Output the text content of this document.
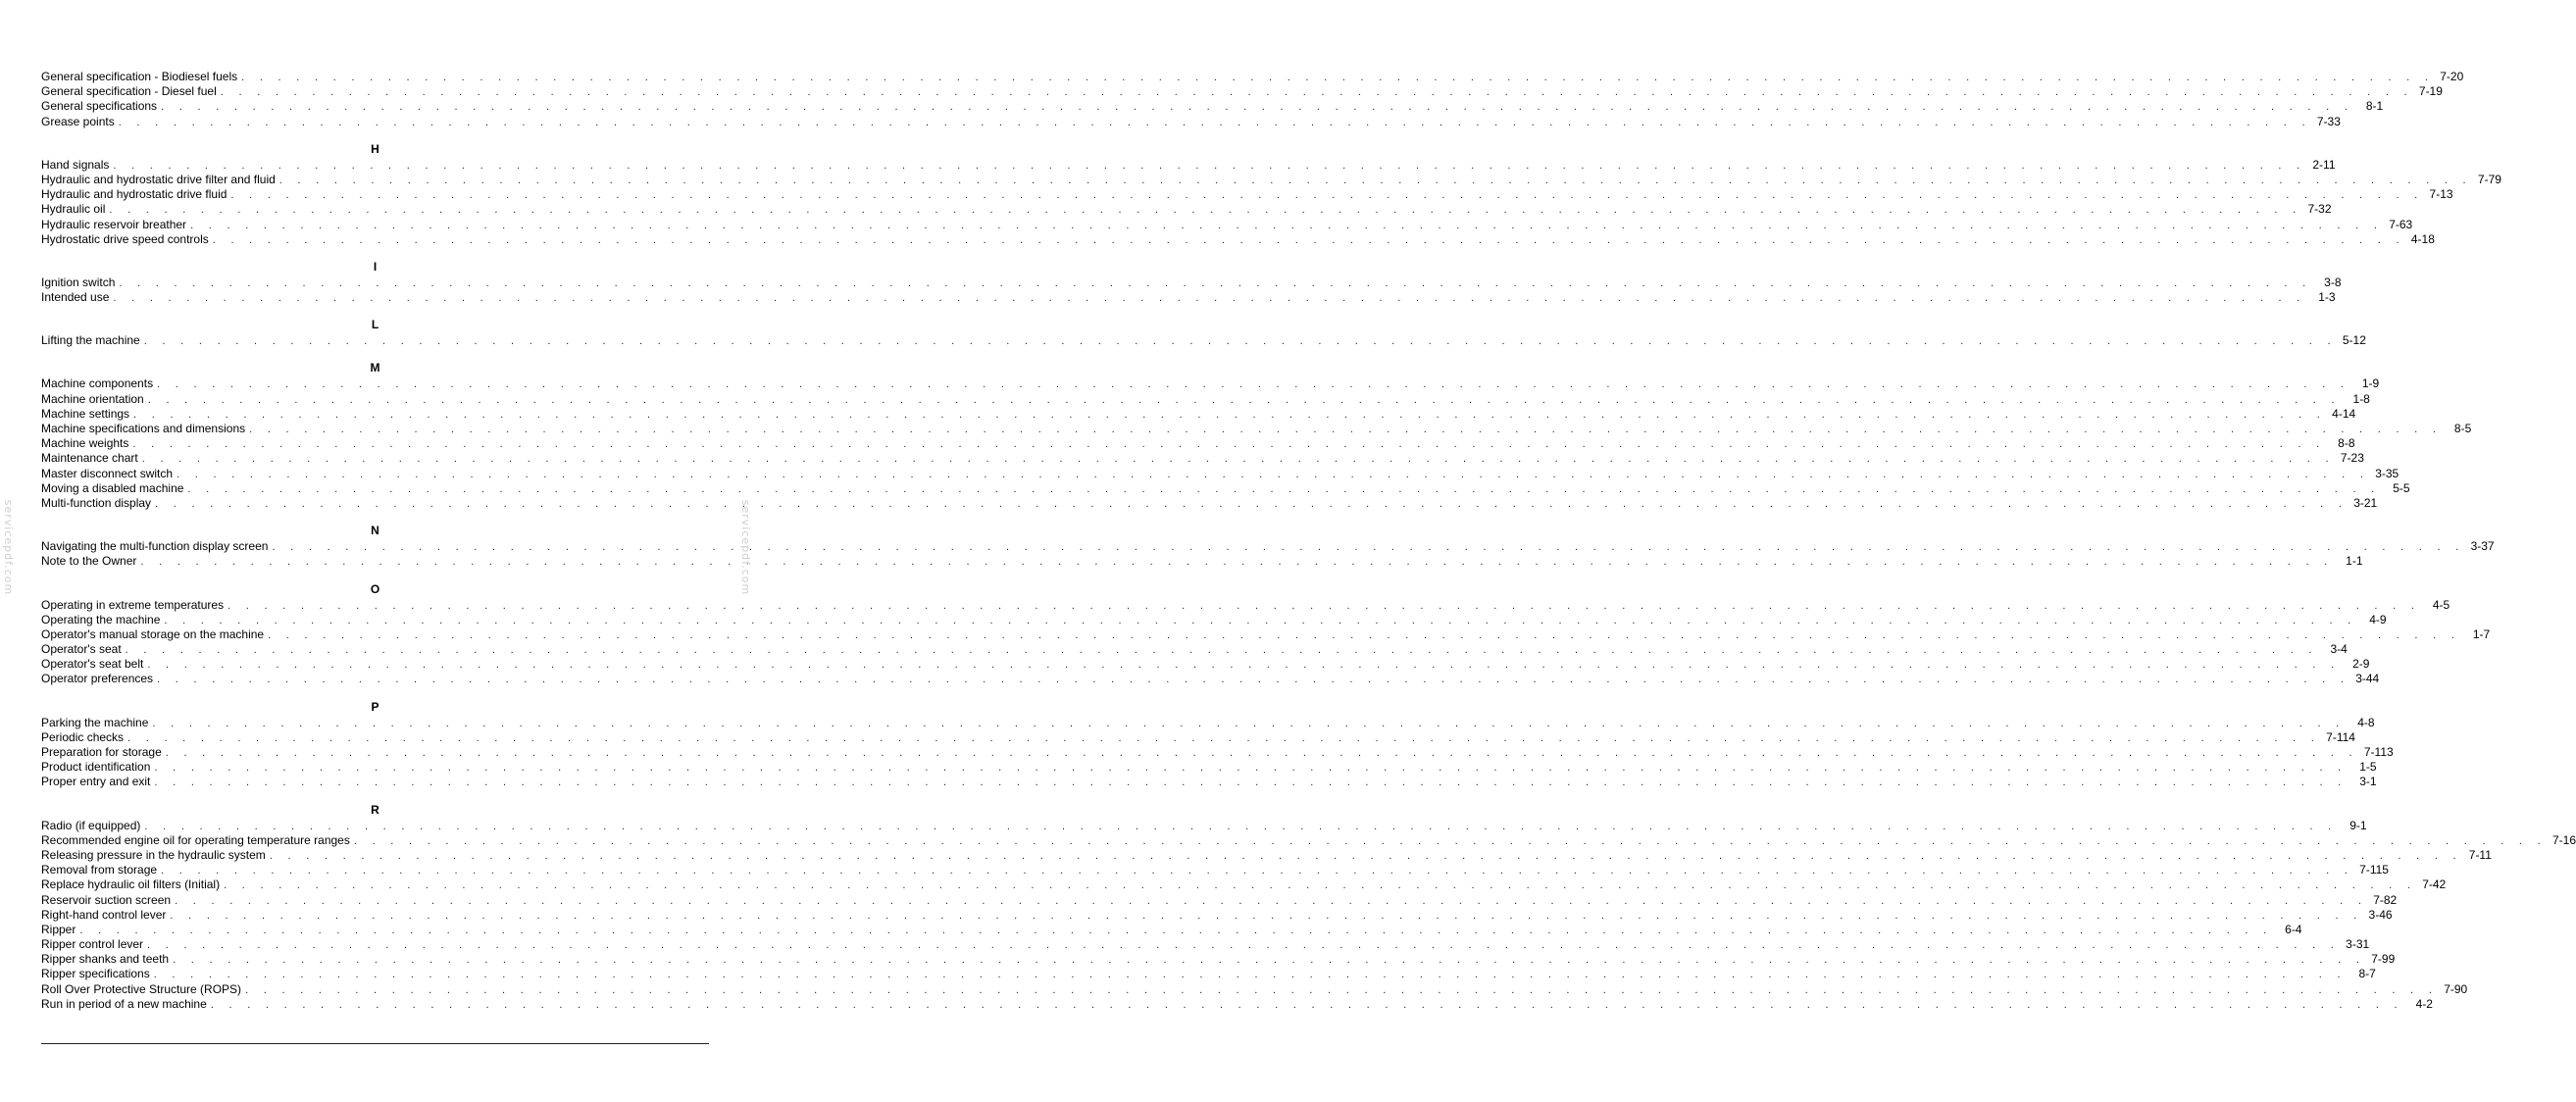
General specification - Biodiesel fuels . . . . . . . . . . . . . . . . . . . . . . . . . . . . . . . . . . . . . . . . . . . . . . . . . . . . . . . . . . . . . . . . . . . . . . . . . . . . . . . . . . . . . . . . . . . . . . . . . . . . . . . . . . . . . . . . . . . . . . . . 7-20
General specification - Diesel fuel . . . . . . . . . . . . . . . . . . . . . . . . . . . . . . . . . . . . . . . . . . . . . . . . . . . . . . . . . . . . . . . . . . . . . . . . . . . . . . . . . . . . . . . . . . . . . . . . . . . . . . . . . . . . . . . . . . . . . . . . 7-19
General specifications . . . . . . . . . . . . . . . . . . . . . . . . . . . . . . . . . . . . . . . . . . . . . . . . . . . . . . . . . . . . . . . . . . . . . . . . . . . . . . . . . . . . . . . . . . . . . . . . . . . . . . . . . . . . . . . . . . . . . . . .	8-1
Grease points . . . . . . . . . . . . . . . . . . . . . . . . . . . . . . . . . . . . . . . . . . . . . . . . . . . . . . . . . . . . . . . . . . . . . . . . . . . . . . . . . . . . . . . . . . . . . . . . . . . . . . . . . . . . . . . . . . . . . . . . 7-33
H
Hand signals . . . . . . . . . . . . . . . . . . . . . . . . . . . . . . . . . . . . . . . . . . . . . . . . . . . . . . . . . . . . . . . . . . . . . . . . . . . . . . . . . . . . . . . . . . . . . . . . . . . . . . . . . . . . . . . . . . . . . . . . 2-11
Hydraulic and hydrostatic drive filter and fluid . . . . . . . . . . . . . . . . . . . . . . . . . . . . . . . . . . . . . . . . . . . . . . . . . . . . . . . . . . . . . . . . . . . . . . . . . . . . . . . . . . . . . . . . . . . . . . . . . . . . . . . . . . . . . . . . . . . . . . . . 7-79
Hydraulic and hydrostatic drive fluid . . . . . . . . . . . . . . . . . . . . . . . . . . . . . . . . . . . . . . . . . . . . . . . . . . . . . . . . . . . . . . . . . . . . . . . . . . . . . . . . . . . . . . . . . . . . . . . . . . . . . . . . . . . . . . . . . . . . . . . . 7-13
Hydraulic oil . . . . . . . . . . . . . . . . . . . . . . . . . . . . . . . . . . . . . . . . . . . . . . . . . . . . . . . . . . . . . . . . . . . . . . . . . . . . . . . . . . . . . . . . . . . . . . . . . . . . . . . . . . . . . . . . . . . . . . . . 7-32
Hydraulic reservoir breather . . . . . . . . . . . . . . . . . . . . . . . . . . . . . . . . . . . . . . . . . . . . . . . . . . . . . . . . . . . . . . . . . . . . . . . . . . . . . . . . . . . . . . . . . . . . . . . . . . . . . . . . . . . . . . . . . . . . . . . . 7-63
Hydrostatic drive speed controls . . . . . . . . . . . . . . . . . . . . . . . . . . . . . . . . . . . . . . . . . . . . . . . . . . . . . . . . . . . . . . . . . . . . . . . . . . . . . . . . . . . . . . . . . . . . . . . . . . . . . . . . . . . . . . . . . . . . . . . . 4-18
I
Ignition switch . . . . . . . . . . . . . . . . . . . . . . . . . . . . . . . . . . . . . . . . . . . . . . . . . . . . . . . . . . . . . . . . . . . . . . . . . . . . . . . . . . . . . . . . . . . . . . . . . . . . . . . . . . . . . . . . . . . . . . . .	3-8
Intended use . . . . . . . . . . . . . . . . . . . . . . . . . . . . . . . . . . . . . . . . . . . . . . . . . . . . . . . . . . . . . . . . . . . . . . . . . . . . . . . . . . . . . . . . . . . . . . . . . . . . . . . . . . . . . . . . . . . . . . . .	1-3
L
Lifting the machine . . . . . . . . . . . . . . . . . . . . . . . . . . . . . . . . . . . . . . . . . . . . . . . . . . . . . . . . . . . . . . . . . . . . . . . . . . . . . . . . . . . . . . . . . . . . . . . . . . . . . . . . . . . . . . . . . . . . . . . . 5-12
M
Machine components . . . . . . . . . . . . . . . . . . . . . . . . . . . . . . . . . . . . . . . . . . . . . . . . . . . . . . . . . . . . . . . . . . . . . . . . . . . . . . . . . . . . . . . . . . . . . . . . . . . . . . . . . . . . . . . . . . . . . . . .	1-9
Machine orientation . . . . . . . . . . . . . . . . . . . . . . . . . . . . . . . . . . . . . . . . . . . . . . . . . . . . . . . . . . . . . . . . . . . . . . . . . . . . . . . . . . . . . . . . . . . . . . . . . . . . . . . . . . . . . . . . . . . . . . . .	1-8
Machine settings . . . . . . . . . . . . . . . . . . . . . . . . . . . . . . . . . . . . . . . . . . . . . . . . . . . . . . . . . . . . . . . . . . . . . . . . . . . . . . . . . . . . . . . . . . . . . . . . . . . . . . . . . . . . . . . . . . . . . . . . 4-14
Machine specifications and dimensions . . . . . . . . . . . . . . . . . . . . . . . . . . . . . . . . . . . . . . . . . . . . . . . . . . . . . . . . . . . . . . . . . . . . . . . . . . . . . . . . . . . . . . . . . . . . . . . . . . . . . . . . . . . . . . . . . . . . . . . .	8-5
Machine weights . . . . . . . . . . . . . . . . . . . . . . . . . . . . . . . . . . . . . . . . . . . . . . . . . . . . . . . . . . . . . . . . . . . . . . . . . . . . . . . . . . . . . . . . . . . . . . . . . . . . . . . . . . . . . . . . . . . . . . . .	8-8
Maintenance chart . . . . . . . . . . . . . . . . . . . . . . . . . . . . . . . . . . . . . . . . . . . . . . . . . . . . . . . . . . . . . . . . . . . . . . . . . . . . . . . . . . . . . . . . . . . . . . . . . . . . . . . . . . . . . . . . . . . . . . . . 7-23
Master disconnect switch . . . . . . . . . . . . . . . . . . . . . . . . . . . . . . . . . . . . . . . . . . . . . . . . . . . . . . . . . . . . . . . . . . . . . . . . . . . . . . . . . . . . . . . . . . . . . . . . . . . . . . . . . . . . . . . . . . . . . . . . 3-35
Moving a disabled machine . . . . . . . . . . . . . . . . . . . . . . . . . . . . . . . . . . . . . . . . . . . . . . . . . . . . . . . . . . . . . . . . . . . . . . . . . . . . . . . . . . . . . . . . . . . . . . . . . . . . . . . . . . . . . . . . . . . . . . . .	5-5
Multi-function display . . . . . . . . . . . . . . . . . . . . . . . . . . . . . . . . . . . . . . . . . . . . . . . . . . . . . . . . . . . . . . . . . . . . . . . . . . . . . . . . . . . . . . . . . . . . . . . . . . . . . . . . . . . . . . . . . . . . . . . . 3-21
N
Navigating the multi-function display screen . . . . . . . . . . . . . . . . . . . . . . . . . . . . . . . . . . . . . . . . . . . . . . . . . . . . . . . . . . . . . . . . . . . . . . . . . . . . . . . . . . . . . . . . . . . . . . . . . . . . . . . . . . . . . . . . . . . . . . . . 3-37
Note to the Owner . . . . . . . . . . . . . . . . . . . . . . . . . . . . . . . . . . . . . . . . . . . . . . . . . . . . . . . . . . . . . . . . . . . . . . . . . . . . . . . . . . . . . . . . . . . . . . . . . . . . . . . . . . . . . . . . . . . . . . . .	1-1
O
Operating in extreme temperatures . . . . . . . . . . . . . . . . . . . . . . . . . . . . . . . . . . . . . . . . . . . . . . . . . . . . . . . . . . . . . . . . . . . . . . . . . . . . . . . . . . . . . . . . . . . . . . . . . . . . . . . . . . . . . . . . . . . . . . . .	4-5
Operating the machine . . . . . . . . . . . . . . . . . . . . . . . . . . . . . . . . . . . . . . . . . . . . . . . . . . . . . . . . . . . . . . . . . . . . . . . . . . . . . . . . . . . . . . . . . . . . . . . . . . . . . . . . . . . . . . . . . . . . . . . .	4-9
Operator's manual storage on the machine . . . . . . . . . . . . . . . . . . . . . . . . . . . . . . . . . . . . . . . . . . . . . . . . . . . . . . . . . . . . . . . . . . . . . . . . . . . . . . . . . . . . . . . . . . . . . . . . . . . . . . . . . . . . . . . . . . . . . . . .	1-7
Operator's seat . . . . . . . . . . . . . . . . . . . . . . . . . . . . . . . . . . . . . . . . . . . . . . . . . . . . . . . . . . . . . . . . . . . . . . . . . . . . . . . . . . . . . . . . . . . . . . . . . . . . . . . . . . . . . . . . . . . . . . . .	3-4
Operator's seat belt . . . . . . . . . . . . . . . . . . . . . . . . . . . . . . . . . . . . . . . . . . . . . . . . . . . . . . . . . . . . . . . . . . . . . . . . . . . . . . . . . . . . . . . . . . . . . . . . . . . . . . . . . . . . . . . . . . . . . . . .	2-9
Operator preferences . . . . . . . . . . . . . . . . . . . . . . . . . . . . . . . . . . . . . . . . . . . . . . . . . . . . . . . . . . . . . . . . . . . . . . . . . . . . . . . . . . . . . . . . . . . . . . . . . . . . . . . . . . . . . . . . . . . . . . . . 3-44
P
Parking the machine . . . . . . . . . . . . . . . . . . . . . . . . . . . . . . . . . . . . . . . . . . . . . . . . . . . . . . . . . . . . . . . . . . . . . . . . . . . . . . . . . . . . . . . . . . . . . . . . . . . . . . . . . . . . . . . . . . . . . . . .	4-8
Periodic checks . . . . . . . . . . . . . . . . . . . . . . . . . . . . . . . . . . . . . . . . . . . . . . . . . . . . . . . . . . . . . . . . . . . . . . . . . . . . . . . . . . . . . . . . . . . . . . . . . . . . . . . . . . . . . . . . . . . . . . . . 7-114
Preparation for storage . . . . . . . . . . . . . . . . . . . . . . . . . . . . . . . . . . . . . . . . . . . . . . . . . . . . . . . . . . . . . . . . . . . . . . . . . . . . . . . . . . . . . . . . . . . . . . . . . . . . . . . . . . . . . . . . . . . . . . . . 7-113
Product identification . . . . . . . . . . . . . . . . . . . . . . . . . . . . . . . . . . . . . . . . . . . . . . . . . . . . . . . . . . . . . . . . . . . . . . . . . . . . . . . . . . . . . . . . . . . . . . . . . . . . . . . . . . . . . . . . . . . . . . . .	1-5
Proper entry and exit . . . . . . . . . . . . . . . . . . . . . . . . . . . . . . . . . . . . . . . . . . . . . . . . . . . . . . . . . . . . . . . . . . . . . . . . . . . . . . . . . . . . . . . . . . . . . . . . . . . . . . . . . . . . . . . . . . . . . . . .	3-1
R
Radio (if equipped) . . . . . . . . . . . . . . . . . . . . . . . . . . . . . . . . . . . . . . . . . . . . . . . . . . . . . . . . . . . . . . . . . . . . . . . . . . . . . . . . . . . . . . . . . . . . . . . . . . . . . . . . . . . . . . . . . . . . . . . .	9-1
Recommended engine oil for operating temperature ranges . . . . . . . . . . . . . . . . . . . . . . . . . . . . . . . . . . . . . . . . . . . . . . . . . . . . . . . . . . . . . . . . . . . . . . . . . . . . . . . . . . . . . . . . . . . . . . . . . . . . . . . . . . . . . . . . . . . . . . . . 7-16
Releasing pressure in the hydraulic system . . . . . . . . . . . . . . . . . . . . . . . . . . . . . . . . . . . . . . . . . . . . . . . . . . . . . . . . . . . . . . . . . . . . . . . . . . . . . . . . . . . . . . . . . . . . . . . . . . . . . . . . . . . . . . . . . . . . . . . . 7-11
Removal from storage . . . . . . . . . . . . . . . . . . . . . . . . . . . . . . . . . . . . . . . . . . . . . . . . . . . . . . . . . . . . . . . . . . . . . . . . . . . . . . . . . . . . . . . . . . . . . . . . . . . . . . . . . . . . . . . . . . . . . . . . 7-115
Replace hydraulic oil filters (Initial) . . . . . . . . . . . . . . . . . . . . . . . . . . . . . . . . . . . . . . . . . . . . . . . . . . . . . . . . . . . . . . . . . . . . . . . . . . . . . . . . . . . . . . . . . . . . . . . . . . . . . . . . . . . . . . . . . . . . . . . . 7-42
Reservoir suction screen . . . . . . . . . . . . . . . . . . . . . . . . . . . . . . . . . . . . . . . . . . . . . . . . . . . . . . . . . . . . . . . . . . . . . . . . . . . . . . . . . . . . . . . . . . . . . . . . . . . . . . . . . . . . . . . . . . . . . . . . 7-82
Right-hand control lever . . . . . . . . . . . . . . . . . . . . . . . . . . . . . . . . . . . . . . . . . . . . . . . . . . . . . . . . . . . . . . . . . . . . . . . . . . . . . . . . . . . . . . . . . . . . . . . . . . . . . . . . . . . . . . . . . . . . . . . . 3-46
Ripper . . . . . . . . . . . . . . . . . . . . . . . . . . . . . . . . . . . . . . . . . . . . . . . . . . . . . . . . . . . . . . . . . . . . . . . . . . . . . . . . . . . . . . . . . . . . . . . . . . . . . . . . . . . . . . . . . . . . . . . .	6-4
Ripper control lever . . . . . . . . . . . . . . . . . . . . . . . . . . . . . . . . . . . . . . . . . . . . . . . . . . . . . . . . . . . . . . . . . . . . . . . . . . . . . . . . . . . . . . . . . . . . . . . . . . . . . . . . . . . . . . . . . . . . . . . . 3-31
Ripper shanks and teeth . . . . . . . . . . . . . . . . . . . . . . . . . . . . . . . . . . . . . . . . . . . . . . . . . . . . . . . . . . . . . . . . . . . . . . . . . . . . . . . . . . . . . . . . . . . . . . . . . . . . . . . . . . . . . . . . . . . . . . . . 7-99
Ripper specifications . . . . . . . . . . . . . . . . . . . . . . . . . . . . . . . . . . . . . . . . . . . . . . . . . . . . . . . . . . . . . . . . . . . . . . . . . . . . . . . . . . . . . . . . . . . . . . . . . . . . . . . . . . . . . . . . . . . . . . . .	8-7
Roll Over Protective Structure (ROPS) . . . . . . . . . . . . . . . . . . . . . . . . . . . . . . . . . . . . . . . . . . . . . . . . . . . . . . . . . . . . . . . . . . . . . . . . . . . . . . . . . . . . . . . . . . . . . . . . . . . . . . . . . . . . . . . . . . . . . . . . 7-90
Run in period of a new machine . . . . . . . . . . . . . . . . . . . . . . . . . . . . . . . . . . . . . . . . . . . . . . . . . . . . . . . . . . . . . . . . . . . . . . . . . . . . . . . . . . . . . . . . . . . . . . . . . . . . . . . . . . . . . . . . . . . . . . . .	4-2
servicepdf.com	servicepdf.com
